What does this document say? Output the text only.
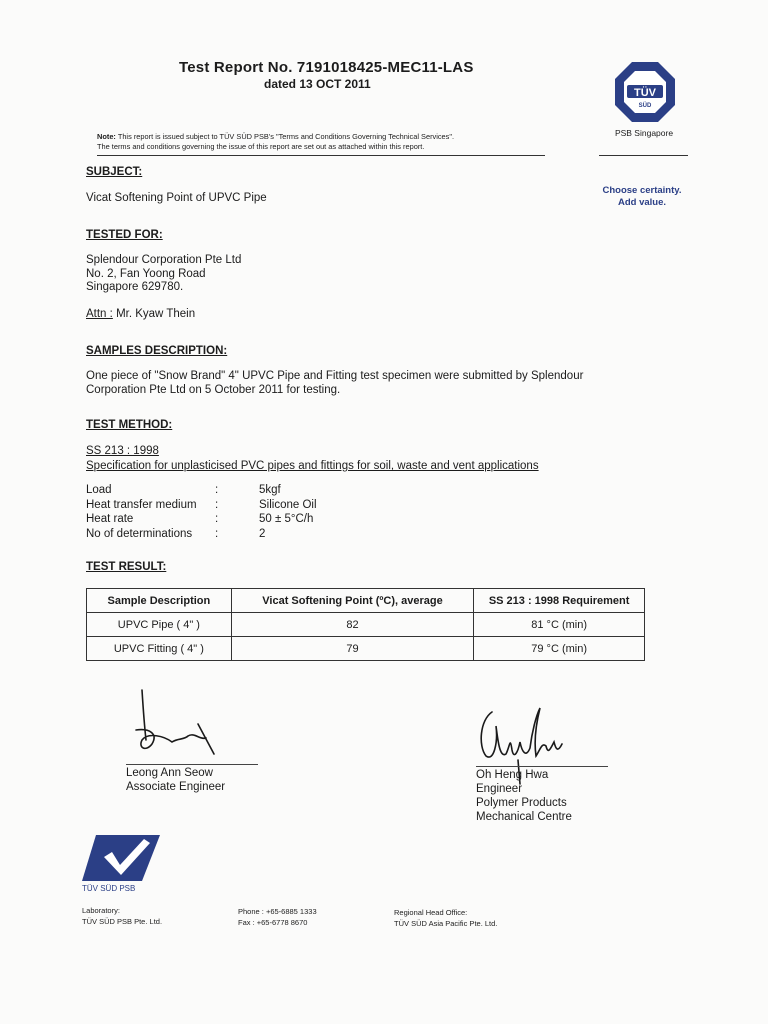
Test Report No. 7191018425-MEC11-LAS
dated 13 OCT 2011
Note: This report is issued subject to TÜV SÜD PSB's "Terms and Conditions Governing Technical Services".
The terms and conditions governing the issue of this report are set out as attached within this report.
TÜV
SÜD
PSB Singapore
Choose certainty.
Add value.
SUBJECT:
Vicat Softening Point of UPVC Pipe
TESTED FOR:
Splendour Corporation Pte Ltd
No. 2, Fan Yoong Road
Singapore 629780.
Attn : Mr. Kyaw Thein
SAMPLES DESCRIPTION:
One piece of "Snow Brand" 4" UPVC Pipe and Fitting test specimen were submitted by Splendour
Corporation Pte Ltd on 5 October 2011 for testing.
TEST METHOD:
SS 213 : 1998
Specification for unplasticised PVC pipes and fittings for soil, waste and vent applications
Load	:	5kgf
Heat transfer medium	:	Silicone Oil
Heat rate	:	50 ± 5°C/h
No of determinations	:	2
TEST RESULT:
Sample Description	Vicat Softening Point (ºC), average	SS 213 : 1998 Requirement
UPVC Pipe ( 4" )	82	81 °C (min)
UPVC Fitting ( 4" )	79	79 °C (min)
Leong Ann Seow
Associate Engineer
Oh Heng Hwa
Engineer
Polymer Products
Mechanical Centre
TÜV SÜD PSB
Laboratory:
TÜV SÜD PSB Pte. Ltd.
Phone : +65-6885 1333
Fax : +65-6778 8670
Regional Head Office:
TÜV SÜD Asia Pacific Pte. Ltd.
